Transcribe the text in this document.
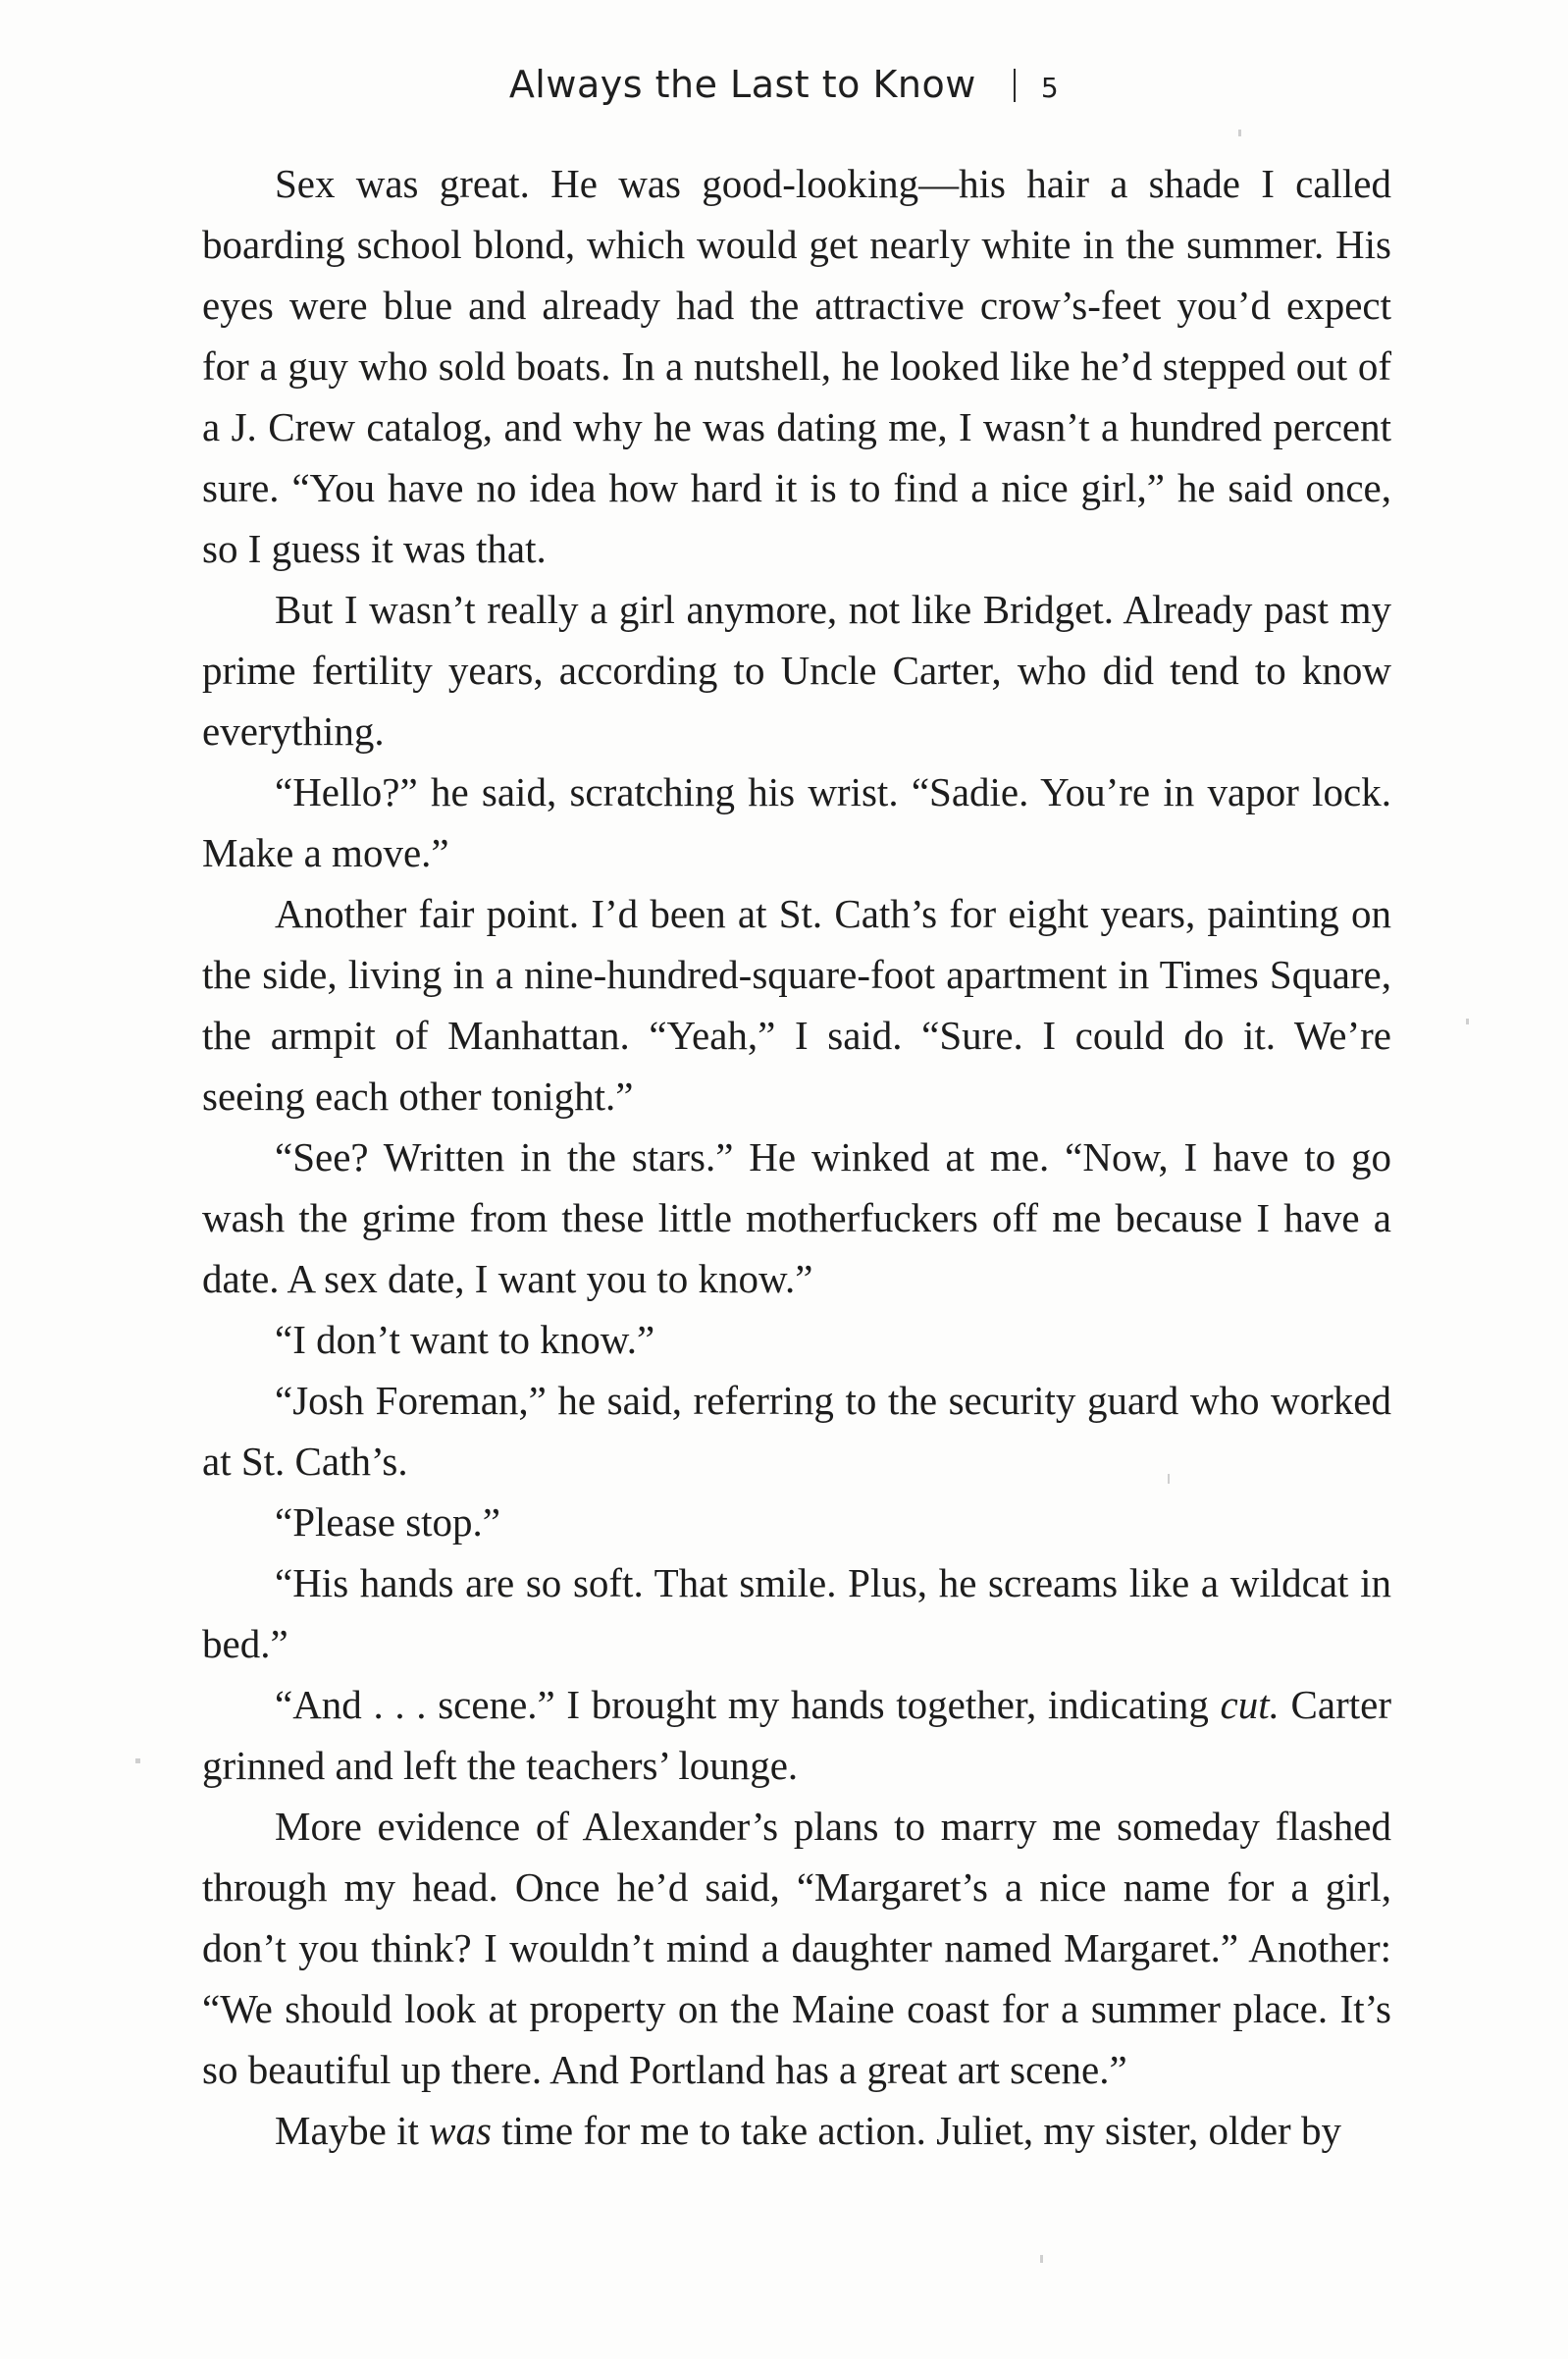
Always the Last to Know 5

Sex was great. He was good-looking—his hair a shade I called boarding school blond, which would get nearly white in the summer. His eyes were blue and already had the attractive crow’s-feet you’d expect for a guy who sold boats. In a nutshell, he looked like he’d stepped out of a J. Crew catalog, and why he was dating me, I wasn’t a hundred percent sure. “You have no idea how hard it is to find a nice girl,” he said once, so I guess it was that.

But I wasn’t really a girl anymore, not like Bridget. Already past my prime fertility years, according to Uncle Carter, who did tend to know everything.

“Hello?” he said, scratching his wrist. “Sadie. You’re in vapor lock. Make a move.”

Another fair point. I’d been at St. Cath’s for eight years, painting on the side, living in a nine-hundred-square-foot apartment in Times Square, the armpit of Manhattan. “Yeah,” I said. “Sure. I could do it. We’re seeing each other tonight.”

“See? Written in the stars.” He winked at me. “Now, I have to go wash the grime from these little motherfuckers off me because I have a date. A sex date, I want you to know.”

“I don’t want to know.”

“Josh Foreman,” he said, referring to the security guard who worked at St. Cath’s.

“Please stop.”

“His hands are so soft. That smile. Plus, he screams like a wildcat in bed.”

“And . . . scene.” I brought my hands together, indicating cut. Carter grinned and left the teachers’ lounge.

More evidence of Alexander’s plans to marry me someday flashed through my head. Once he’d said, “Margaret’s a nice name for a girl, don’t you think? I wouldn’t mind a daughter named Margaret.” Another: “We should look at property on the Maine coast for a summer place. It’s so beautiful up there. And Portland has a great art scene.”

Maybe it was time for me to take action. Juliet, my sister, older by
